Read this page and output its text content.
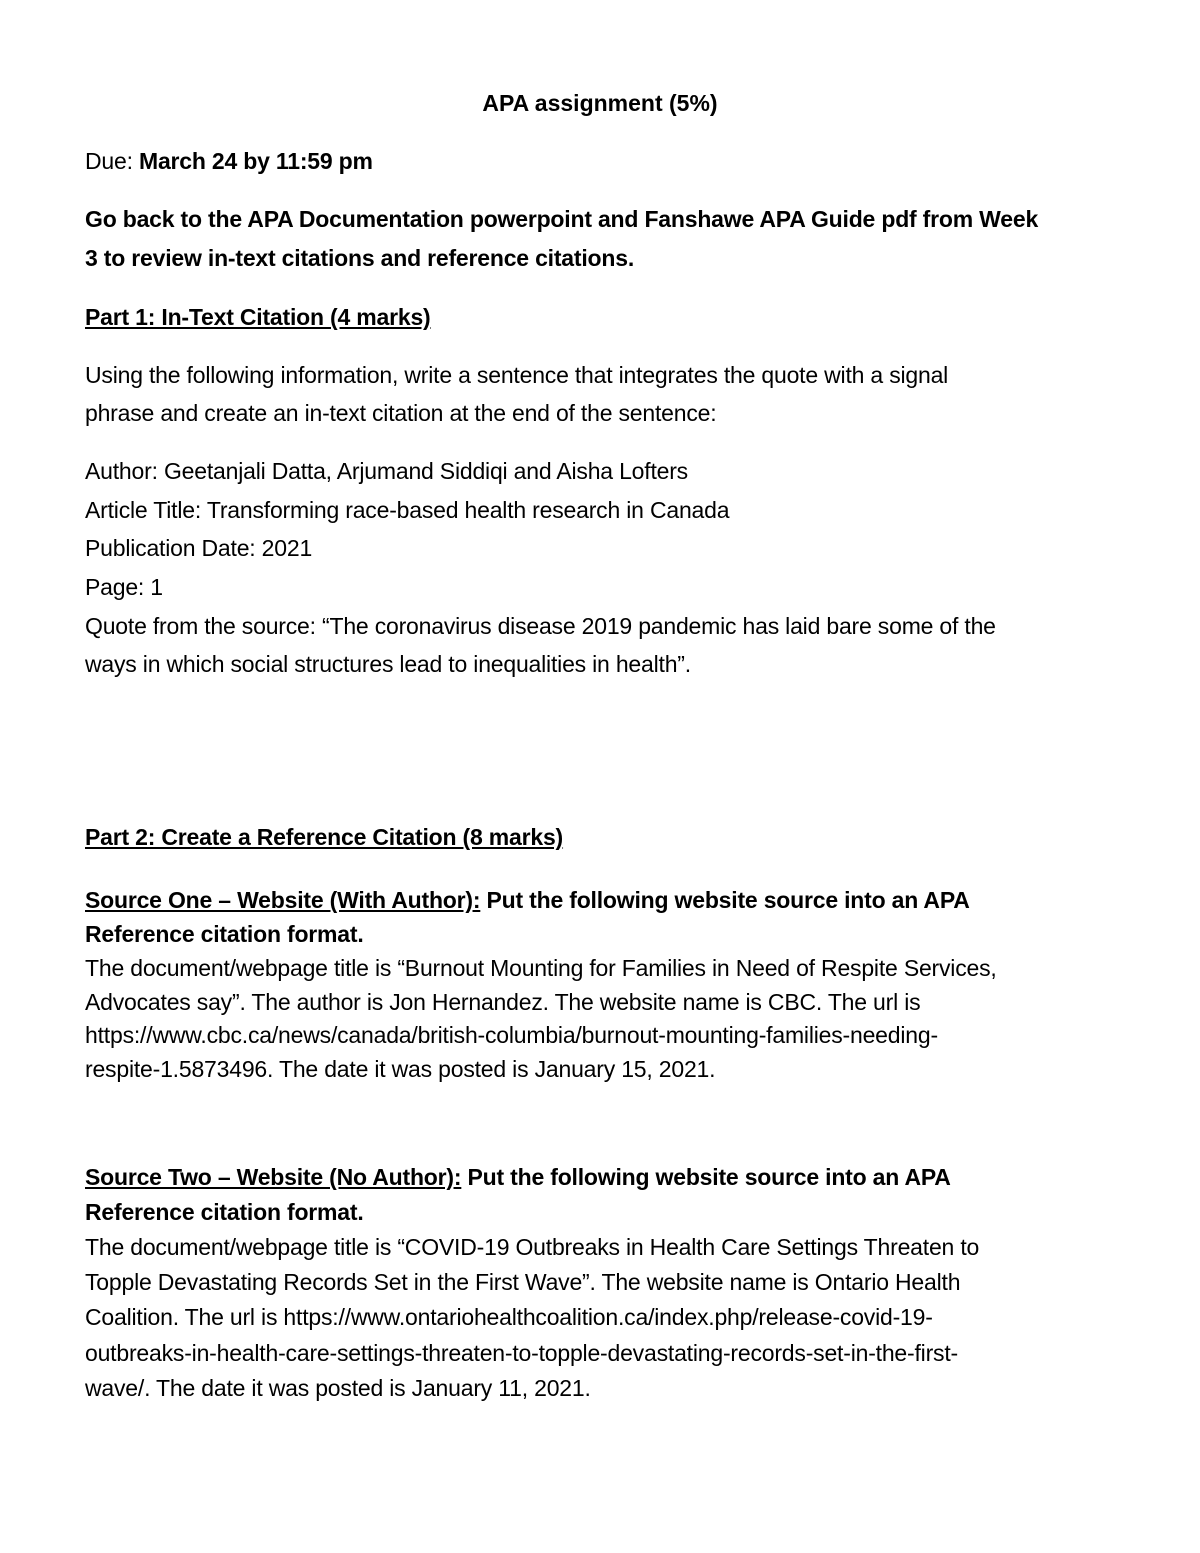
APA assignment (5%)
Due: March 24 by 11:59 pm
Go back to the APA Documentation powerpoint and Fanshawe APA Guide pdf from Week
3 to review in-text citations and reference citations.
Part 1: In-Text Citation (4 marks)
Using the following information, write a sentence that integrates the quote with a signal
phrase and create an in-text citation at the end of the sentence:
Author: Geetanjali Datta, Arjumand Siddiqi and Aisha Lofters
Article Title: Transforming race-based health research in Canada
Publication Date: 2021
Page: 1
Quote from the source: “The coronavirus disease 2019 pandemic has laid bare some of the
ways in which social structures lead to inequalities in health”.
Part 2: Create a Reference Citation (8 marks)
Source One – Website (With Author): Put the following website source into an APA
Reference citation format.
The document/webpage title is “Burnout Mounting for Families in Need of Respite Services,
Advocates say”. The author is Jon Hernandez. The website name is CBC. The url is
https://www.cbc.ca/news/canada/british-columbia/burnout-mounting-families-needing-
respite-1.5873496. The date it was posted is January 15, 2021.
Source Two – Website (No Author): Put the following website source into an APA
Reference citation format.
The document/webpage title is “COVID-19 Outbreaks in Health Care Settings Threaten to
Topple Devastating Records Set in the First Wave”. The website name is Ontario Health
Coalition. The url is https://www.ontariohealthcoalition.ca/index.php/release-covid-19-
outbreaks-in-health-care-settings-threaten-to-topple-devastating-records-set-in-the-first-
wave/. The date it was posted is January 11, 2021.
